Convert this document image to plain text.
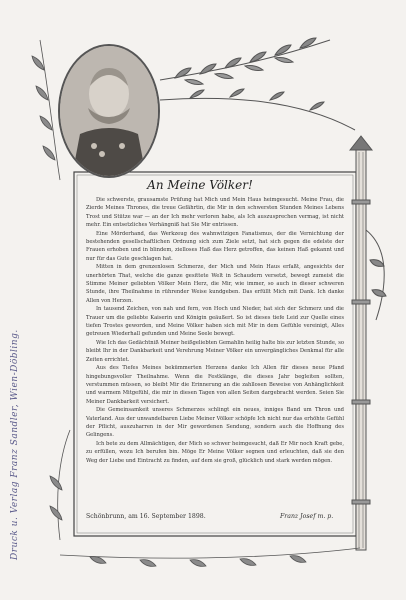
Druck u. Verlag Franz Sandler, Wien-Döbling.
An Meine Völker!

Die schwerste, grausamste Prüfung hat Mich und Mein Haus heimgesucht. Meine Frau, die Zierde Meines Thrones, die treue Gefährtin, die Mir in den schwersten Stunden Meines Lebens Trost und Stütze war — an der Ich mehr verloren habe, als Ich auszusprechen vermag, ist nicht mehr. Ein entsetzliches Verhängniß hat Sie Mir entrissen.

Eine Mörderhand, das Werkzeug des wahnwitzigen Fanatismus, der die Vernichtung der bestehenden gesellschaftlichen Ordnung sich zum Ziele setzt, hat sich gegen die edelste der Frauen erhoben und in blindem, zielloses Haß das Herz getroffen, das keinen Haß gekannt und nur für das Gute geschlagen hat.

Mitten in dem grenzenlosen Schmerze, der Mich und Mein Haus erfaßt, angesichts der unerhörten That, welche die ganze gesittete Welt in Schaudern versetzt, bewegt zumeist die Stimme Meiner geliebten Völker Mein Herz, die Mir, wie immer, so auch in dieser schweren Stunde, ihre Theilnahme in rührender Weise kundgeben. Das erfüllt Mich mit Dank. Ich danke Allen von Herzen.

In tausend Zeichen, von nah und fern, von Hoch und Nieder, hat sich der Schmerz und die Trauer um die geliebte Kaiserin und Königin geäußert. So ist dieses tiefe Leid zur Quelle eines tiefen Trostes geworden, und Meine Völker haben sich mit Mir in dem Gefühle vereinigt, Alles getreuen Wiederhall gefunden und Meine Seele bewegt.

Wie Ich das Gedächtniß Meiner heißgeliebten Gemahlin heilig halte bis zur letzten Stunde, so bleibt Ihr in der Dankbarkeit und Verehrung Meiner Völker ein unvergängliches Denkmal für alle Zeiten errichtet.

Aus des Tiefes Meines bekümmerten Herzens danke Ich Allen für dieses neue Pfand hingebungsvoller Theilnahme. Wenn die Festklänge, die dieses Jahr begleiten sollten, verstummen müssen, so bleibt Mir die Erinnerung an die zahllosen Beweise von Anhänglichkeit und warmem Mitgefühl, die mir in diesen Tagen von allen Seiten dargebracht werden. Seien Sie Meiner Dankbarkeit versichert.

Die Gemeinsamkeit unseres Schmerzes schlingt ein neues, inniges Band um Thron und Vaterland. Aus der unwandelbaren Liebe Meiner Völker schöpfe Ich nicht nur das erhöhte Gefühl der Pflicht, auszuharren in der Mir gewordenen Sendung, sondern auch die Hoffnung des Gelingens.

Ich bete zu dem Allmächtigen, der Mich so schwer heimgesucht, daß Er Mir noch Kraft gebe, zu erfüllen, wozu Ich berufen bin. Möge Er Meine Völker segnen und erleuchten, daß sie den Weg der Liebe und Eintracht zu finden, auf dem sie groß, glücklich und stark werden mögen.

Schönbrunn, am 16. September 1898.	Franz Josef m. p.
